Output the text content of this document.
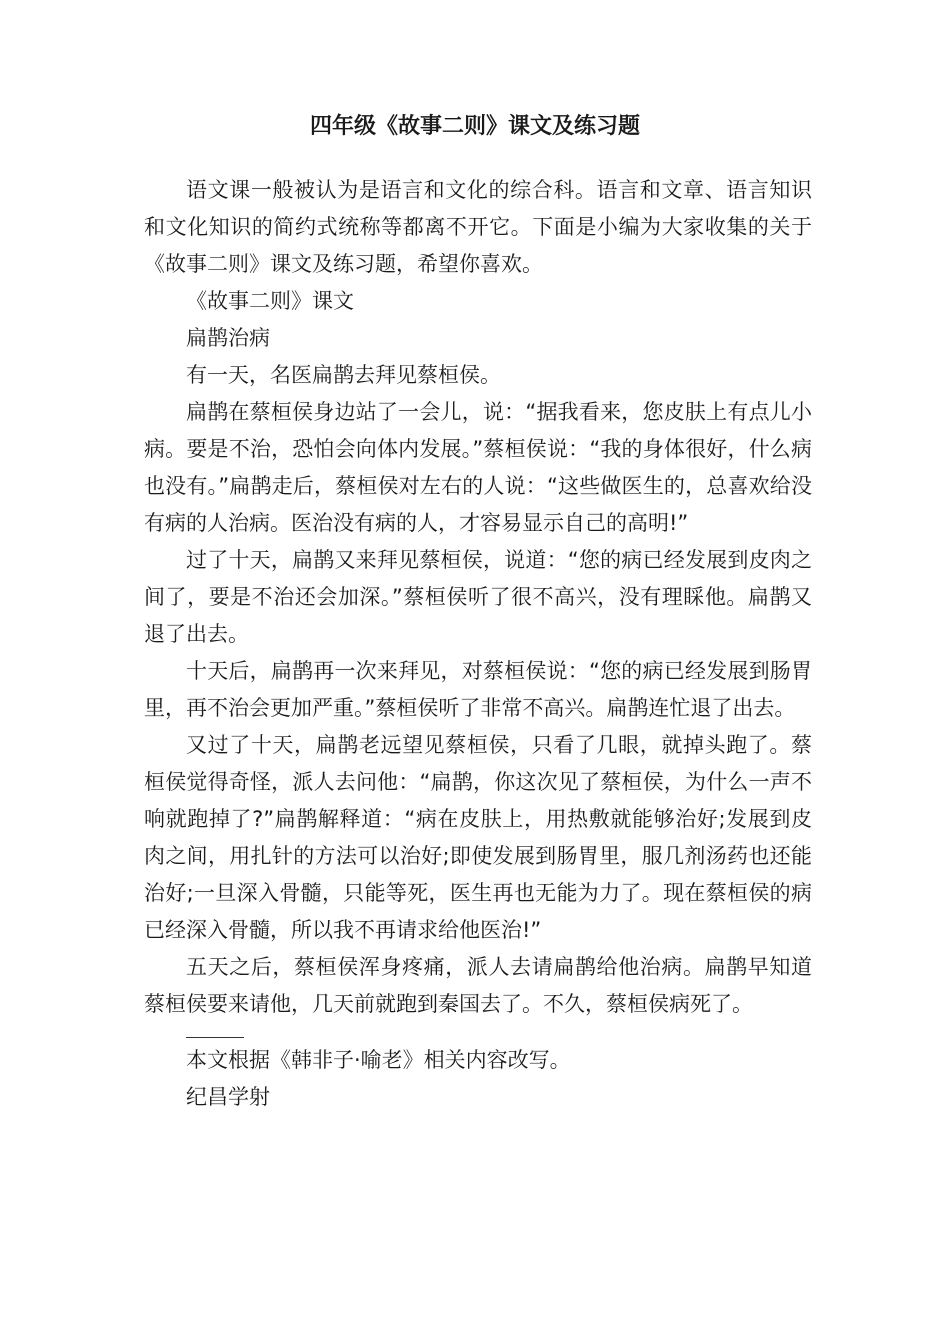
四年级《故事二则》课文及练习题

语文课一般被认为是语言和文化的综合科。语言和文章、语言知识和文化知识的简约式统称等都离不开它。下面是小编为大家收集的关于《故事二则》课文及练习题，希望你喜欢。

《故事二则》课文

扁鹊治病

有一天，名医扁鹊去拜见蔡桓侯。

扁鹊在蔡桓侯身边站了一会儿，说：“据我看来，您皮肤上有点儿小病。要是不治，恐怕会向体内发展。”蔡桓侯说：“我的身体很好，什么病也没有。”扁鹊走后，蔡桓侯对左右的人说：“这些做医生的，总喜欢给没有病的人治病。医治没有病的人，才容易显示自己的高明!”

过了十天，扁鹊又来拜见蔡桓侯，说道：“您的病已经发展到皮肉之间了，要是不治还会加深。”蔡桓侯听了很不高兴，没有理睬他。扁鹊又退了出去。

十天后，扁鹊再一次来拜见，对蔡桓侯说：“您的病已经发展到肠胃里，再不治会更加严重。”蔡桓侯听了非常不高兴。扁鹊连忙退了出去。

又过了十天，扁鹊老远望见蔡桓侯，只看了几眼，就掉头跑了。蔡桓侯觉得奇怪，派人去问他：“扁鹊，你这次见了蔡桓侯，为什么一声不响就跑掉了?”扁鹊解释道：“病在皮肤上，用热敷就能够治好;发展到皮肉之间，用扎针的方法可以治好;即使发展到肠胃里，服几剂汤药也还能治好;一旦深入骨髓，只能等死，医生再也无能为力了。现在蔡桓侯的病已经深入骨髓，所以我不再请求给他医治!”

五天之后，蔡桓侯浑身疼痛，派人去请扁鹊给他治病。扁鹊早知道蔡桓侯要来请他，几天前就跑到秦国去了。不久，蔡桓侯病死了。

本文根据《韩非子·喻老》相关内容改写。

纪昌学射
